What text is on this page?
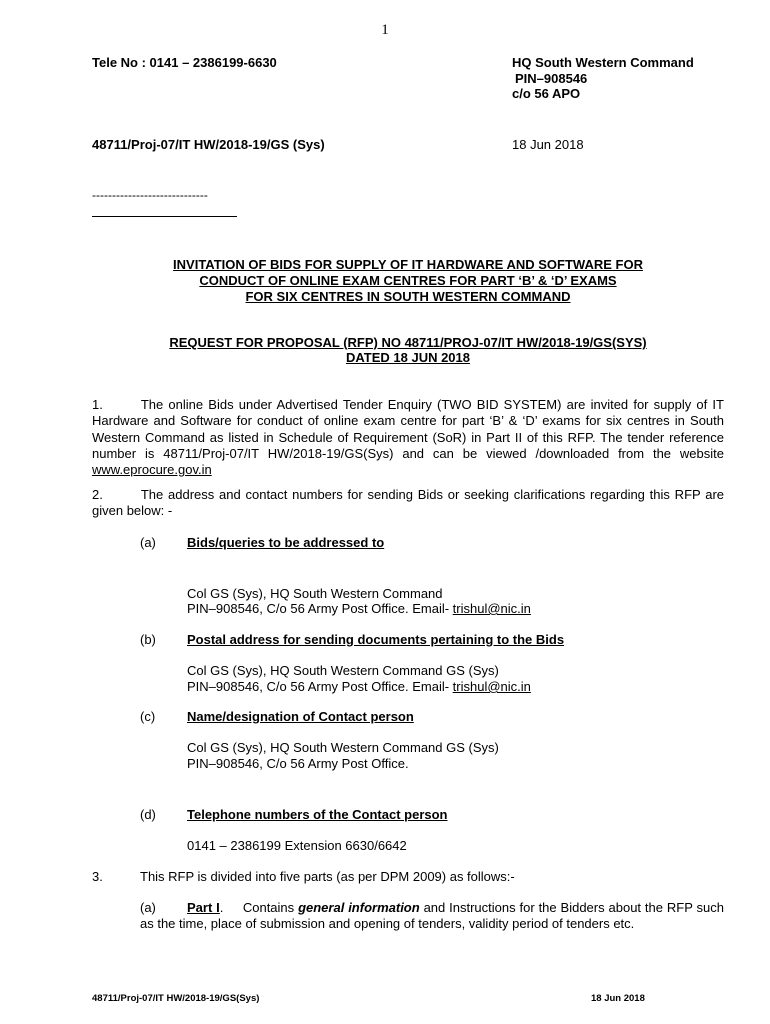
1
Tele No : 0141 – 2386199-6630	HQ South Western Command
PIN–908546
c/o 56 APO
48711/Proj-07/IT HW/2018-19/GS (Sys)	18 Jun 2018
-----------------------------
INVITATION OF BIDS FOR SUPPLY OF IT HARDWARE AND SOFTWARE FOR
CONDUCT OF ONLINE EXAM CENTRES FOR PART ‘B’ & ‘D’ EXAMS
FOR SIX CENTRES IN SOUTH WESTERN COMMAND
REQUEST FOR PROPOSAL (RFP) NO 48711/PROJ-07/IT HW/2018-19/GS(SYS)
DATED 18 JUN 2018
1.	The online Bids under Advertised Tender Enquiry (TWO BID SYSTEM) are invited for supply of IT Hardware and Software for conduct of online exam centre for part ‘B’ & ‘D’ exams for six centres in South Western Command as listed in Schedule of Requirement (SoR) in Part II of this RFP. The tender reference number is 48711/Proj-07/IT HW/2018-19/GS(Sys) and can be viewed /downloaded from the website www.eprocure.gov.in
2.	The address and contact numbers for sending Bids or seeking clarifications regarding this RFP are given below: -
(a) Bids/queries to be addressed to
Col GS (Sys), HQ South Western Command
PIN–908546, C/o 56 Army Post Office. Email- trishul@nic.in
(b) Postal address for sending documents pertaining to the Bids
Col GS (Sys), HQ South Western Command GS (Sys)
PIN–908546, C/o 56 Army Post Office. Email- trishul@nic.in
(c) Name/designation of Contact person
Col GS (Sys), HQ South Western Command GS (Sys)
PIN–908546, C/o 56 Army Post Office.
(d) Telephone numbers of the Contact person
0141 – 2386199 Extension 6630/6642
3.	This RFP is divided into five parts (as per DPM 2009) as follows:-
(a)	Part I.     Contains general information and Instructions for the Bidders about the RFP such as the time, place of submission and opening of tenders, validity period of tenders etc.
48711/Proj-07/IT HW/2018-19/GS(Sys)	18 Jun 2018
